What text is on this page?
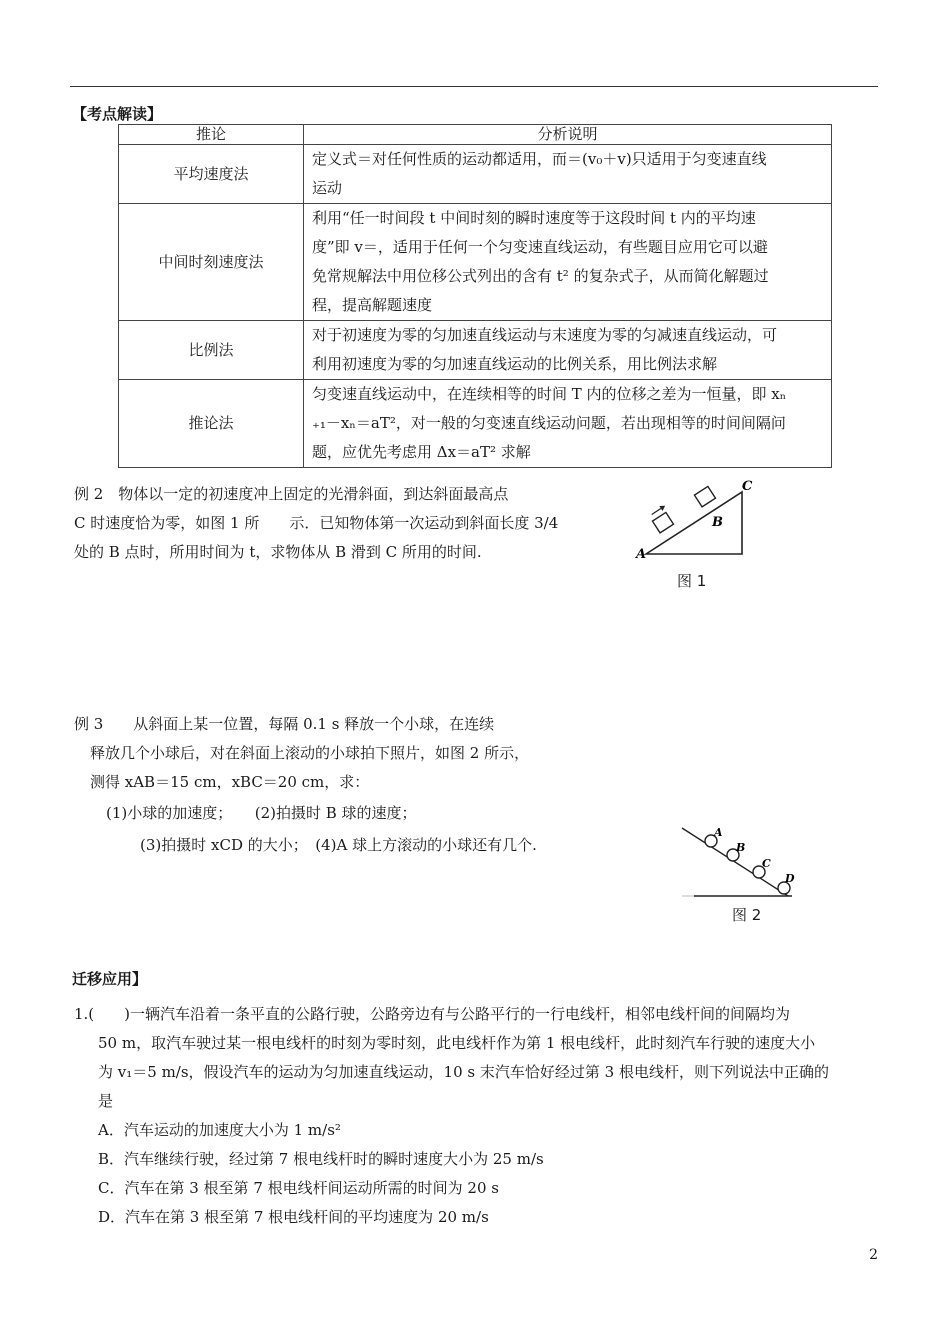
【考点解读】
推论	分析说明
平均速度法	定义式＝对任何性质的运动都适用，而＝(v₀＋v)只适用于匀变速直线
运动

中间时刻速度法	利用“任一时间段 t 中间时刻的瞬时速度等于这段时间 t 内的平均速
度”即 v＝，适用于任何一个匀变速直线运动，有些题目应用它可以避
免常规解法中用位移公式列出的含有 t² 的复杂式子，从而简化解题过
程，提高解题速度

比例法	对于初速度为零的匀加速直线运动与末速度为零的匀减速直线运动，可
利用初速度为零的匀加速直线运动的比例关系，用比例法求解

推论法	匀变速直线运动中，在连续相等的时间 T 内的位移之差为一恒量，即 xₙ
₊₁－xₙ＝aT²，对一般的匀变速直线运动问题，若出现相等的时间间隔问
题，应优先考虑用 Δx＝aT² 求解
例 2　物体以一定的初速度冲上固定的光滑斜面，到达斜面最高点
C 时速度恰为零，如图 1 所　　示．已知物体第一次运动到斜面长度 3/4
处的 B 点时，所用时间为 t，求物体从 B 滑到 C 所用的时间.	A
B
C
图 1
例 3　　从斜面上某一位置，每隔 0.1 s 释放一个小球，在连续
释放几个小球后，对在斜面上滚动的小球拍下照片，如图 2 所示，
测得 xAB＝15 cm，xBC＝20 cm，求：
(1)小球的加速度；　　(2)拍摄时 B 球的速度；
(3)拍摄时 xCD 的大小；　(4)A 球上方滚动的小球还有几个.
A
B
C
D
图 2
迁移应用】
1.(　　)一辆汽车沿着一条平直的公路行驶，公路旁边有与公路平行的一行电线杆，相邻电线杆间的间隔均为
50 m，取汽车驶过某一根电线杆的时刻为零时刻，此电线杆作为第 1 根电线杆，此时刻汽车行驶的速度大小
为 v₁＝5 m/s，假设汽车的运动为匀加速直线运动，10 s 末汽车恰好经过第 3 根电线杆，则下列说法中正确的
是
A．汽车运动的加速度大小为 1 m/s²
B．汽车继续行驶，经过第 7 根电线杆时的瞬时速度大小为 25 m/s
C．汽车在第 3 根至第 7 根电线杆间运动所需的时间为 20 s
D．汽车在第 3 根至第 7 根电线杆间的平均速度为 20 m/s
2
